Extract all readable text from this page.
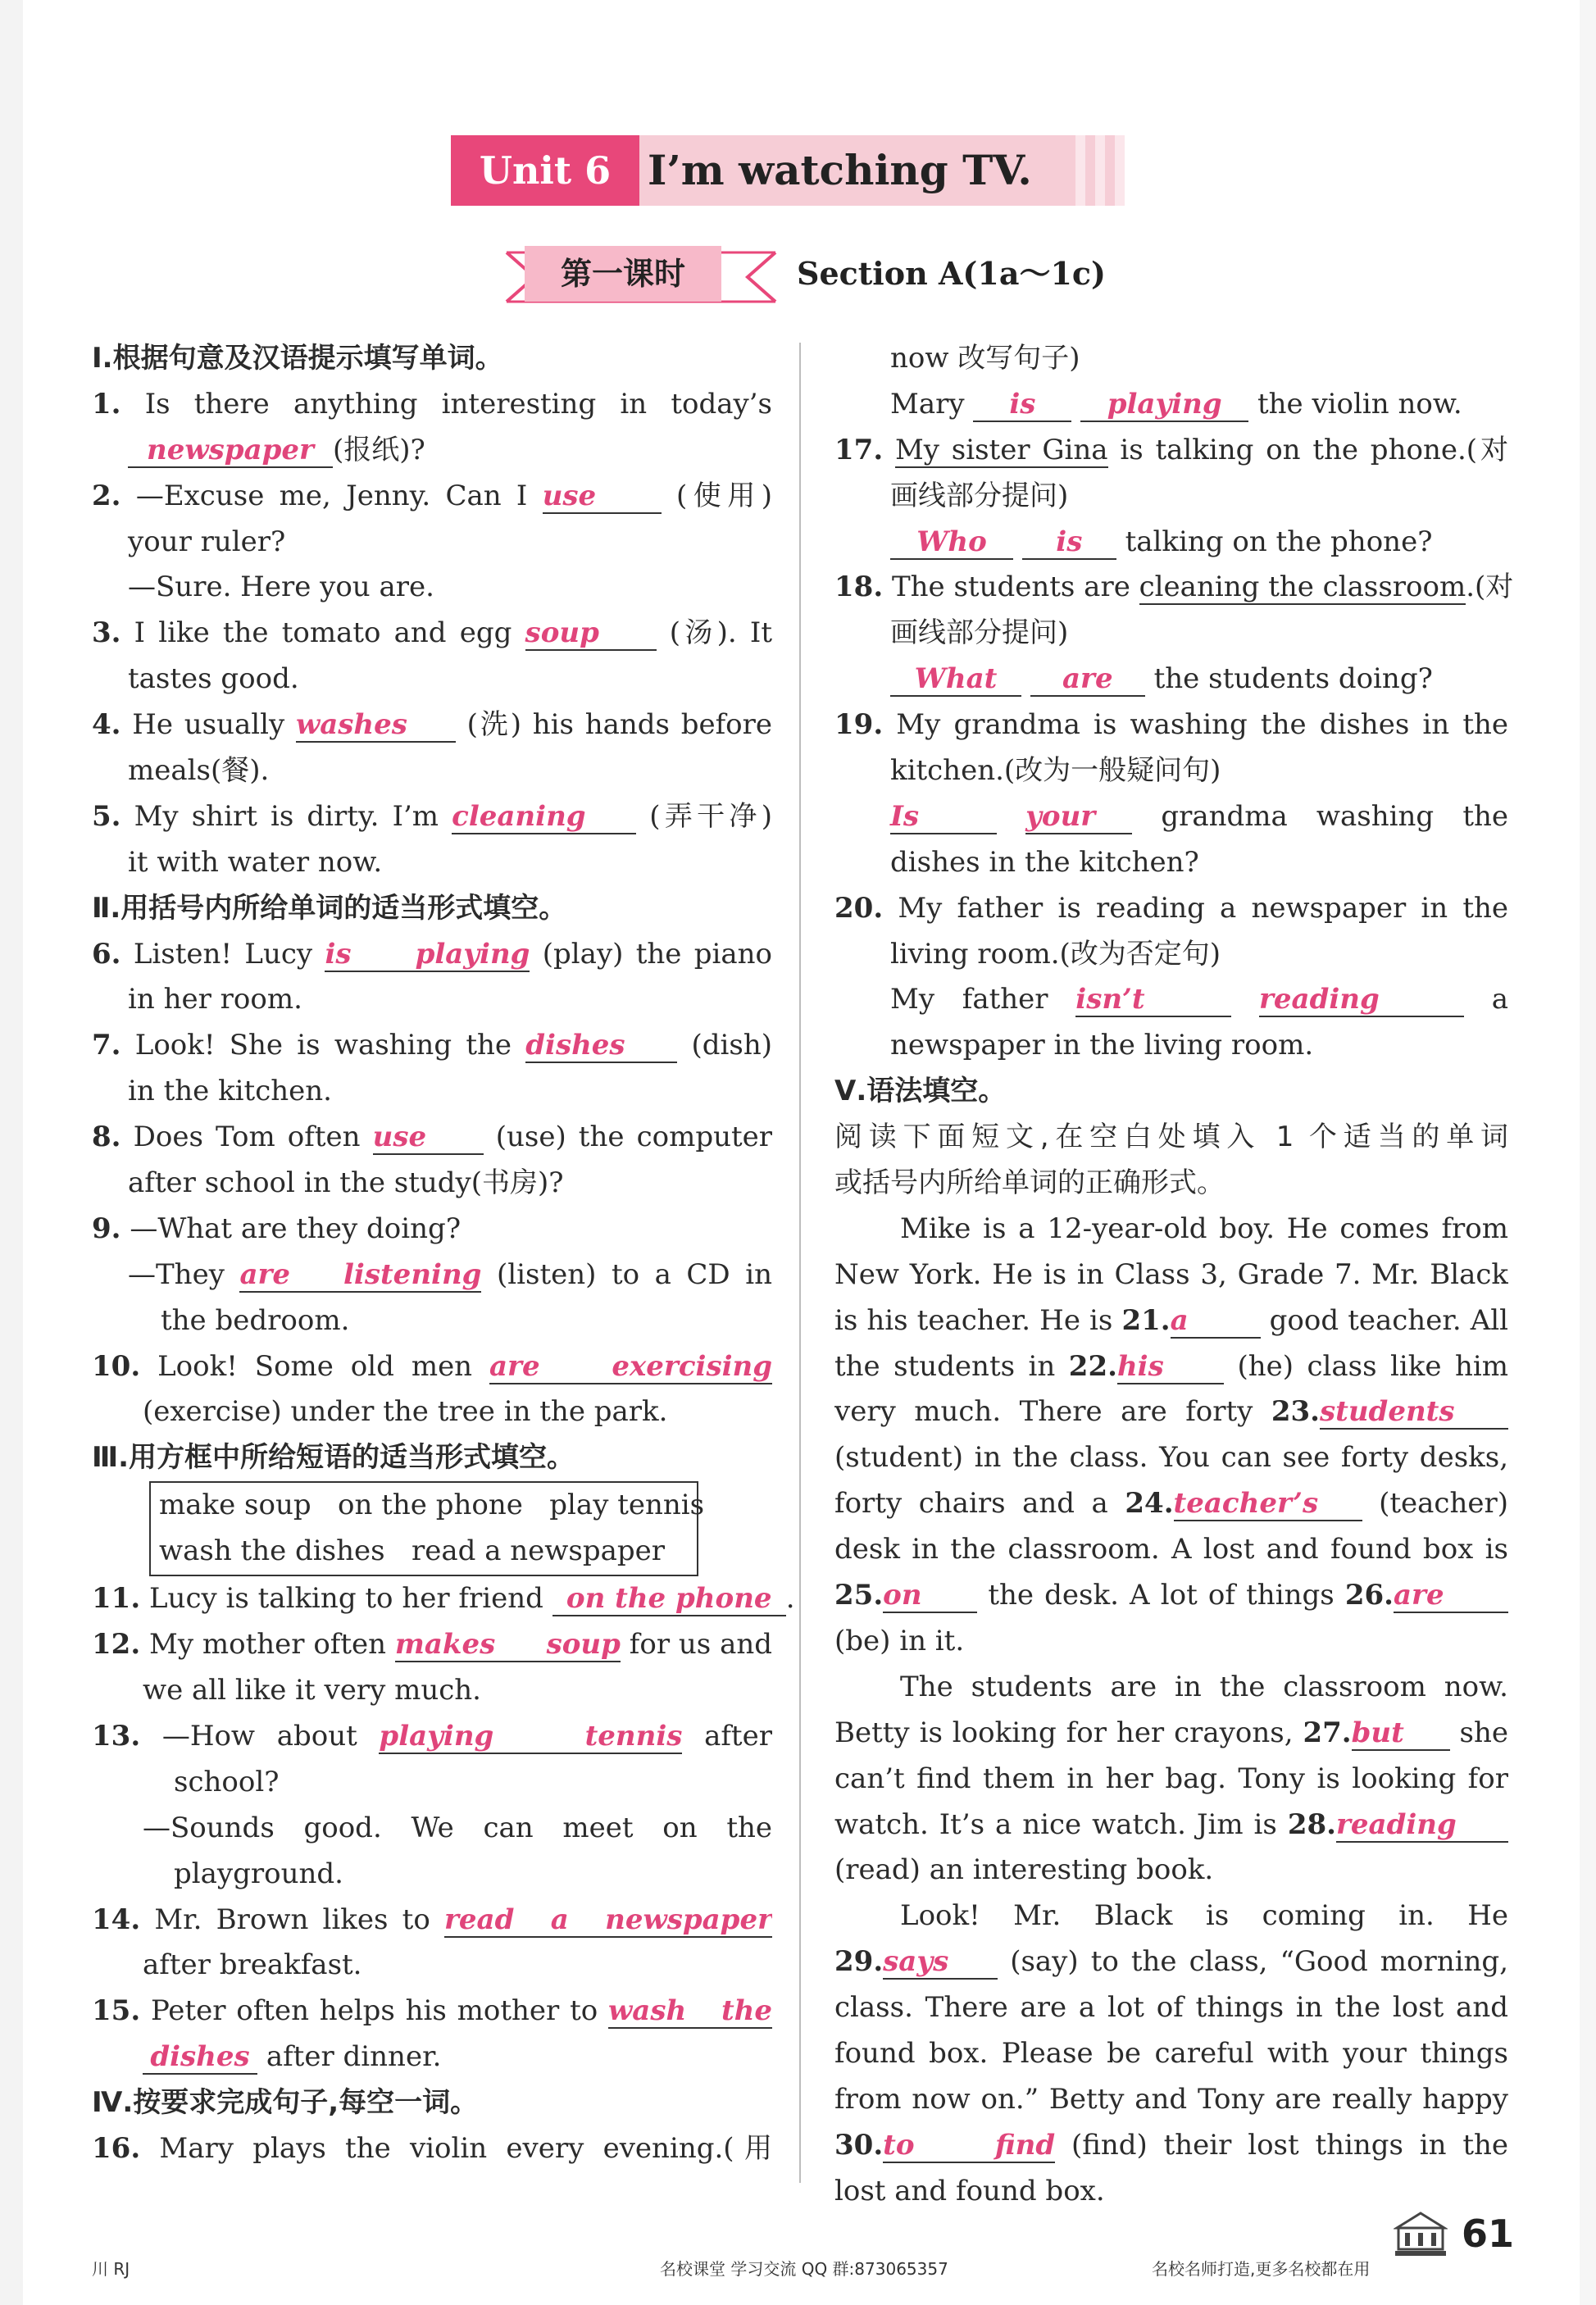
Unit 6 I’m watching TV.
第一课时	Section A(1a～1c)
Ⅰ.根据句意及汉语提示填写单词。
1. Is there anything interesting in today’s
newspaper (报纸)?
2. —Excuse me, Jenny. Can I use	(使用)
your ruler?
—Sure. Here you are.
3. I like the tomato and egg soup	(汤). It
tastes good.
4. He usually washes (洗) his hands before
meals(餐).
5. My shirt is dirty. I’m cleaning (弄干净)
it with water now.
Ⅱ.用括号内所给单词的适当形式填空。
6. Listen! Lucy is playing (play) the piano
in her room.
7. Look! She is washing the dishes (dish)
in the kitchen.
8. Does Tom often use (use) the computer
after school in the study(书房)?
9. —What are they doing?
—They are listening (listen) to a CD in
the bedroom.
10. Look! Some old men are exercising
(exercise) under the tree in the park.
Ⅲ.用方框中所给短语的适当形式填空。
make soup   on the phone   play tennis
wash the dishes   read a newspaper
11. Lucy is talking to her friend on the phone .
12. My mother often makes soup for us and
we all like it very much.
13. —How about playing tennis after
school?
—Sounds good. We can meet on the
playground.
14. Mr. Brown likes to read a newspaper
after breakfast.
15. Peter often helps his mother to wash the
dishes after dinner.
Ⅳ.按要求完成句子,每空一词。
16. Mary plays the violin every evening.(用
now 改写句子)
Mary is	playing the violin now.
17. My sister Gina is talking on the phone.(对
画线部分提问)
Who is talking on the phone?
18. The students are cleaning the classroom.(对
画线部分提问)
What are the students doing?
19. My grandma is washing the dishes in the
kitchen.(改为一般疑问句)
Is	your grandma washing the
dishes in the kitchen?
20. My father is reading a newspaper in the
living room.(改为否定句)
My father isn’t	reading	a
newspaper in the living room.
Ⅴ.语法填空。
阅读下面短文,在空白处填入 1 个适当的单词
或括号内所给单词的正确形式。
Mike is a 12-year-old boy. He comes from
New York. He is in Class 3, Grade 7. Mr. Black
is his teacher. He is 21.a	good teacher. All
the students in 22.his	(he) class like him
very much. There are forty 23.students
(student) in the class. You can see forty desks,
forty chairs and a 24.teacher’s (teacher)
desk in the classroom. A lost and found box is
25.on the desk. A lot of things 26.are
(be) in it.
The students are in the classroom now.
Betty is looking for her crayons, 27.but she
can’t find them in her bag. Tony is looking for
watch. It’s a nice watch. Jim is 28.reading
(read) an interesting book.
Look! Mr. Black is coming in. He
29.says (say) to the class, “Good morning,
class. There are a lot of things in the lost and
found box. Please be careful with your things
from now on.” Betty and Tony are really happy
30.to find (find) their lost things in the
lost and found box.
川 RJ	名校课堂 学习交流 QQ 群:873065357	名校名师打造,更多名校都在用
61
